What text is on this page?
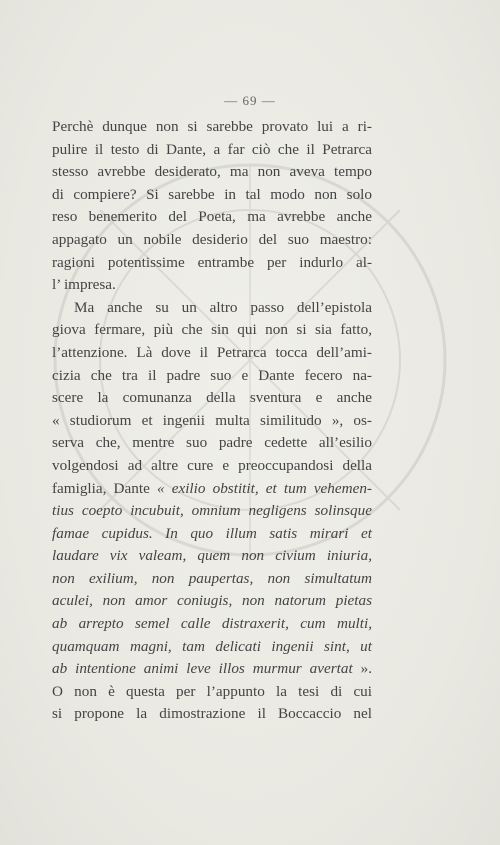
— 69 —
Perchè dunque non si sarebbe provato lui a ri-
pulire il testo di Dante, a far ciò che il Petrarca
stesso avrebbe desiderato, ma non aveva tempo
di compiere? Si sarebbe in tal modo non solo
reso benemerito del Poeta, ma avrebbe anche
appagato un nobile desiderio del suo maestro:
ragioni potentissime entrambe per indurlo al-
l’ impresa.
Ma anche su un altro passo dell’epistola
giova fermare, più che sin qui non si sia fatto,
l’attenzione. Là dove il Petrarca tocca dell’ami-
cizia che tra il padre suo e Dante fecero na-
scere la comunanza della sventura e anche
« studiorum et ingenii multa similitudo », os-
serva che, mentre suo padre cedette all’esilio
volgendosi ad altre cure e preoccupandosi della
famiglia, Dante « exilio obstitit, et tum vehemen-
tius coepto incubuit, omnium negligens solinsque
famae cupidus. In quo illum satis mirari et
laudare vix valeam, quem non civium iniuria,
non exilium, non paupertas, non simultatum
aculei, non amor coniugis, non natorum pietas
ab arrepto semel calle distraxerit, cum multi,
quamquam magni, tam delicati ingenii sint, ut
ab intentione animi leve illos murmur avertat ».
O non è questa per l’appunto la tesi di cui
si propone la dimostrazione il Boccaccio nel
